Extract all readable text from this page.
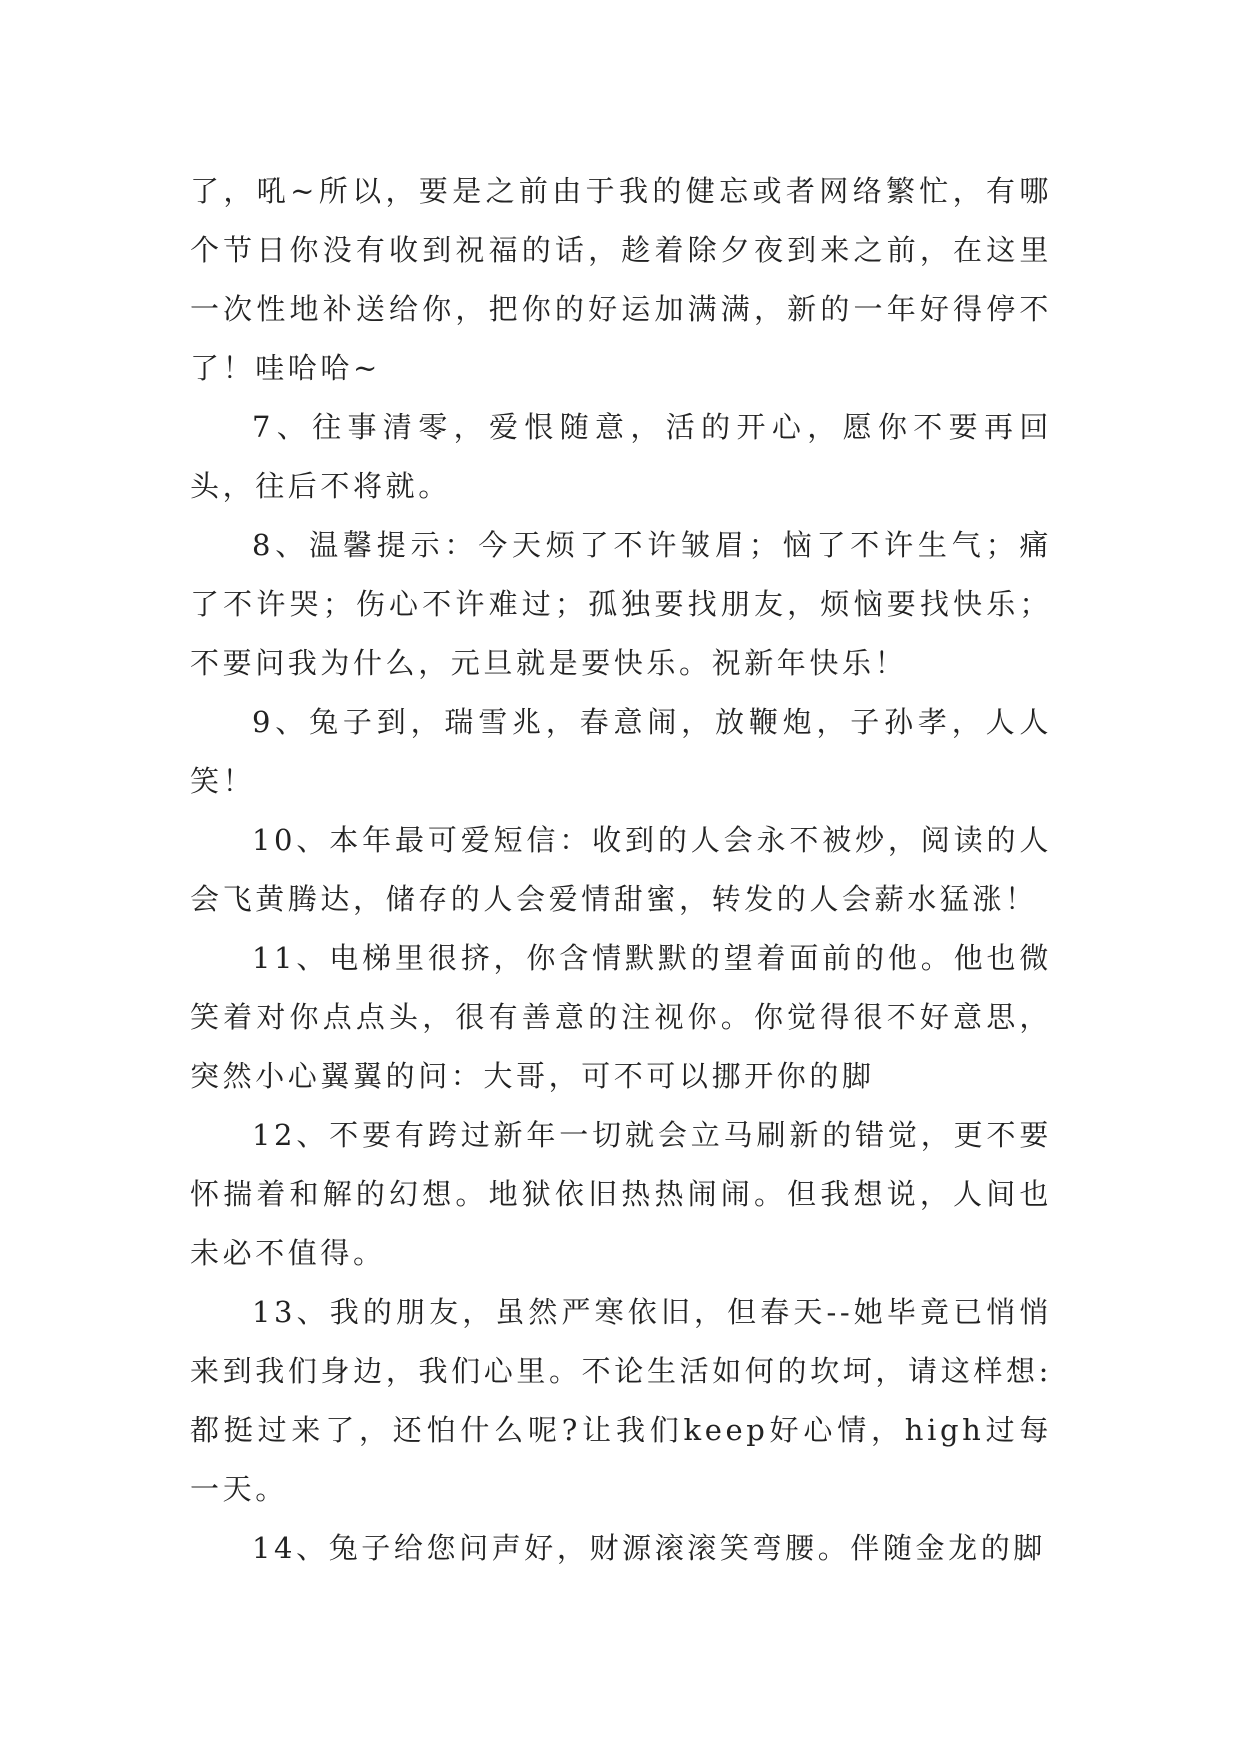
了，吼~所以，要是之前由于我的健忘或者网络繁忙，有哪个节日你没有收到祝福的话，趁着除夕夜到来之前，在这里一次性地补送给你，把你的好运加满满，新的一年好得停不了！哇哈哈~

7、往事清零，爱恨随意，活的开心，愿你不要再回头，往后不将就。

8、温馨提示：今天烦了不许皱眉；恼了不许生气；痛了不许哭；伤心不许难过；孤独要找朋友，烦恼要找快乐；不要问我为什么，元旦就是要快乐。祝新年快乐！

9、兔子到，瑞雪兆，春意闹，放鞭炮，子孙孝，人人笑！

10、本年最可爱短信：收到的人会永不被炒，阅读的人会飞黄腾达，储存的人会爱情甜蜜，转发的人会薪水猛涨！

11、电梯里很挤，你含情默默的望着面前的他。他也微笑着对你点点头，很有善意的注视你。你觉得很不好意思，突然小心翼翼的问：大哥，可不可以挪开你的脚

12、不要有跨过新年一切就会立马刷新的错觉，更不要怀揣着和解的幻想。地狱依旧热热闹闹。但我想说，人间也未必不值得。

13、我的朋友，虽然严寒依旧，但春天--她毕竟已悄悄来到我们身边，我们心里。不论生活如何的坎坷，请这样想:都挺过来了，还怕什么呢?让我们keep好心情，high过每一天。

14、兔子给您问声好，财源滚滚笑弯腰。伴随金龙的脚
